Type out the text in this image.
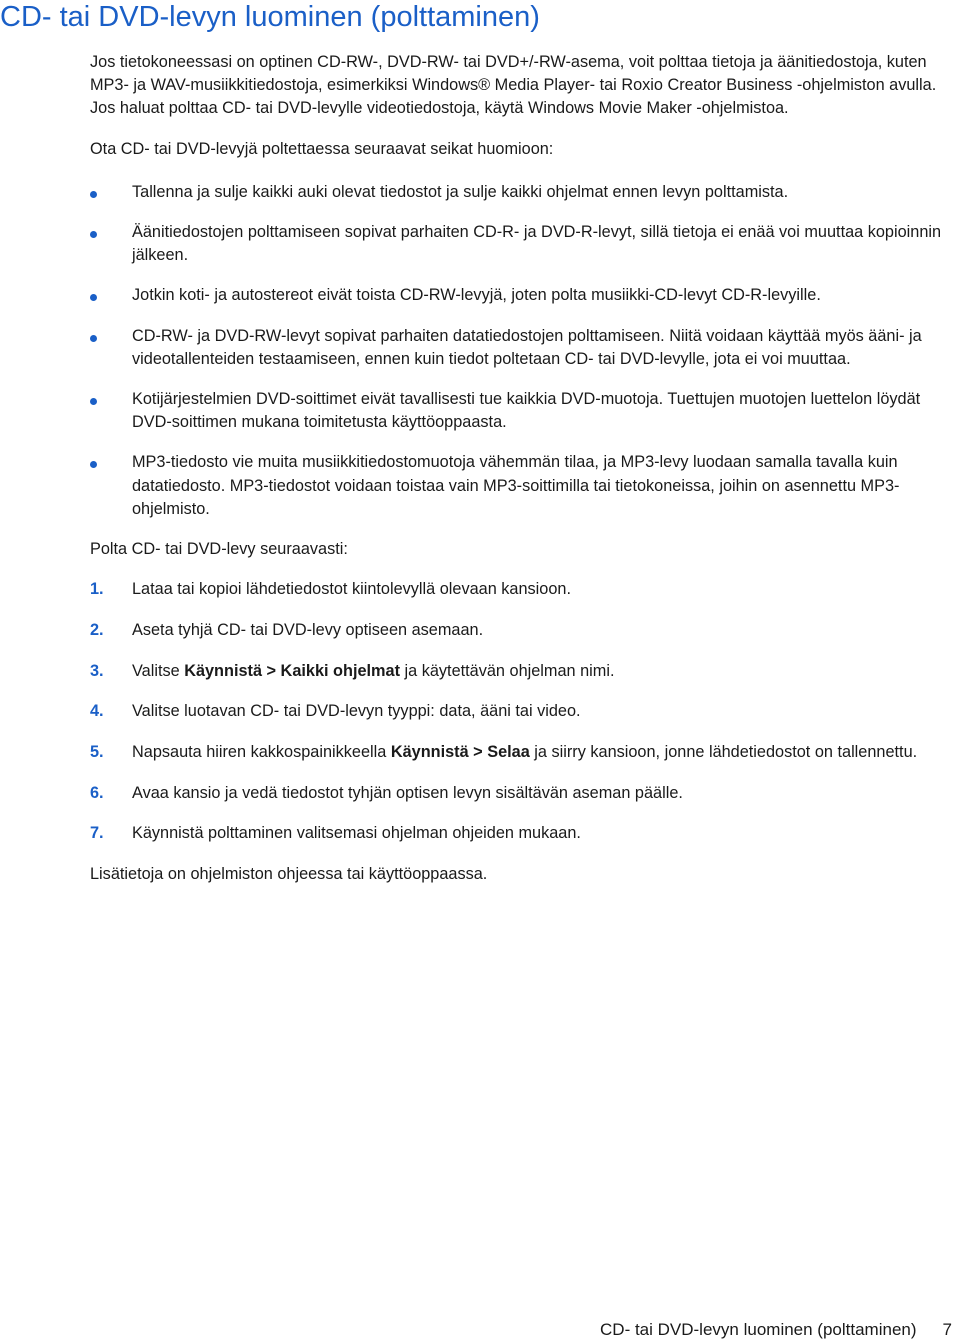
CD- tai DVD-levyn luominen (polttaminen)

Jos tietokoneessasi on optinen CD-RW-, DVD-RW- tai DVD+/-RW-asema, voit polttaa tietoja ja äänitiedostoja, kuten MP3- ja WAV-musiikkitiedostoja, esimerkiksi Windows® Media Player- tai Roxio Creator Business -ohjelmiston avulla. Jos haluat polttaa CD- tai DVD-levylle videotiedostoja, käytä Windows Movie Maker -ohjelmistoa.

Ota CD- tai DVD-levyjä poltettaessa seuraavat seikat huomioon:

Tallenna ja sulje kaikki auki olevat tiedostot ja sulje kaikki ohjelmat ennen levyn polttamista.
Äänitiedostojen polttamiseen sopivat parhaiten CD-R- ja DVD-R-levyt, sillä tietoja ei enää voi muuttaa kopioinnin jälkeen.
Jotkin koti- ja autostereot eivät toista CD-RW-levyjä, joten polta musiikki-CD-levyt CD-R-levyille.
CD-RW- ja DVD-RW-levyt sopivat parhaiten datatiedostojen polttamiseen. Niitä voidaan käyttää myös ääni- ja videotallenteiden testaamiseen, ennen kuin tiedot poltetaan CD- tai DVD-levylle, jota ei voi muuttaa.
Kotijärjestelmien DVD-soittimet eivät tavallisesti tue kaikkia DVD-muotoja. Tuettujen muotojen luettelon löydät DVD-soittimen mukana toimitetusta käyttöoppaasta.
MP3-tiedosto vie muita musiikkitiedostomuotoja vähemmän tilaa, ja MP3-levy luodaan samalla tavalla kuin datatiedosto. MP3-tiedostot voidaan toistaa vain MP3-soittimilla tai tietokoneissa, joihin on asennettu MP3-ohjelmisto.

Polta CD- tai DVD-levy seuraavasti:

1. Lataa tai kopioi lähdetiedostot kiintolevyllä olevaan kansioon.
2. Aseta tyhjä CD- tai DVD-levy optiseen asemaan.
3. Valitse Käynnistä > Kaikki ohjelmat ja käytettävän ohjelman nimi.
4. Valitse luotavan CD- tai DVD-levyn tyyppi: data, ääni tai video.
5. Napsauta hiiren kakkospainikkeella Käynnistä > Selaa ja siirry kansioon, jonne lähdetiedostot on tallennettu.
6. Avaa kansio ja vedä tiedostot tyhjän optisen levyn sisältävän aseman päälle.
7. Käynnistä polttaminen valitsemasi ohjelman ohjeiden mukaan.

Lisätietoja on ohjelmiston ohjeessa tai käyttöoppaassa.

CD- tai DVD-levyn luominen (polttaminen) 7
